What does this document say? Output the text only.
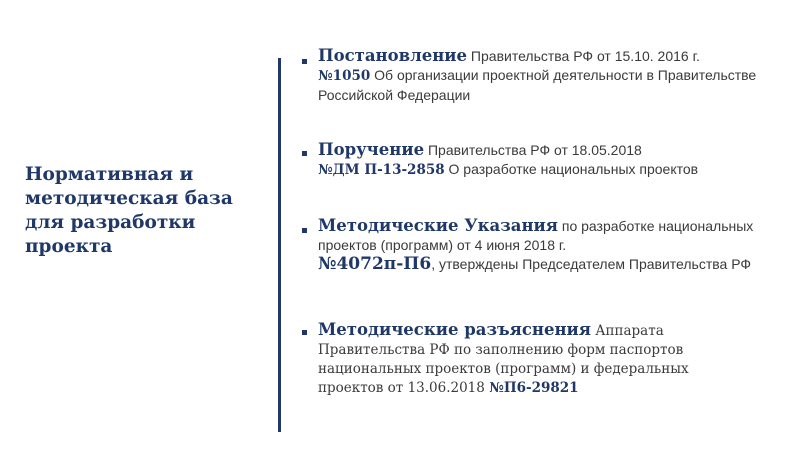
Нормативная и методическая база для разработки проекта

Постановление Правительства РФ от 15.10. 2016 г.
№1050 Об организации проектной деятельности в Правительстве Российской Федерации

Поручение Правительства РФ от 18.05.2018
№ДМ П-13-2858 О разработке национальных проектов

Методические Указания по разработке национальных проектов (программ) от 4 июня 2018 г.
№4072п-П6, утверждены Председателем Правительства РФ

Методические разъяснения Аппарата Правительства РФ по заполнению форм паспортов национальных проектов (программ) и федеральных проектов от 13.06.2018 №П6-29821
